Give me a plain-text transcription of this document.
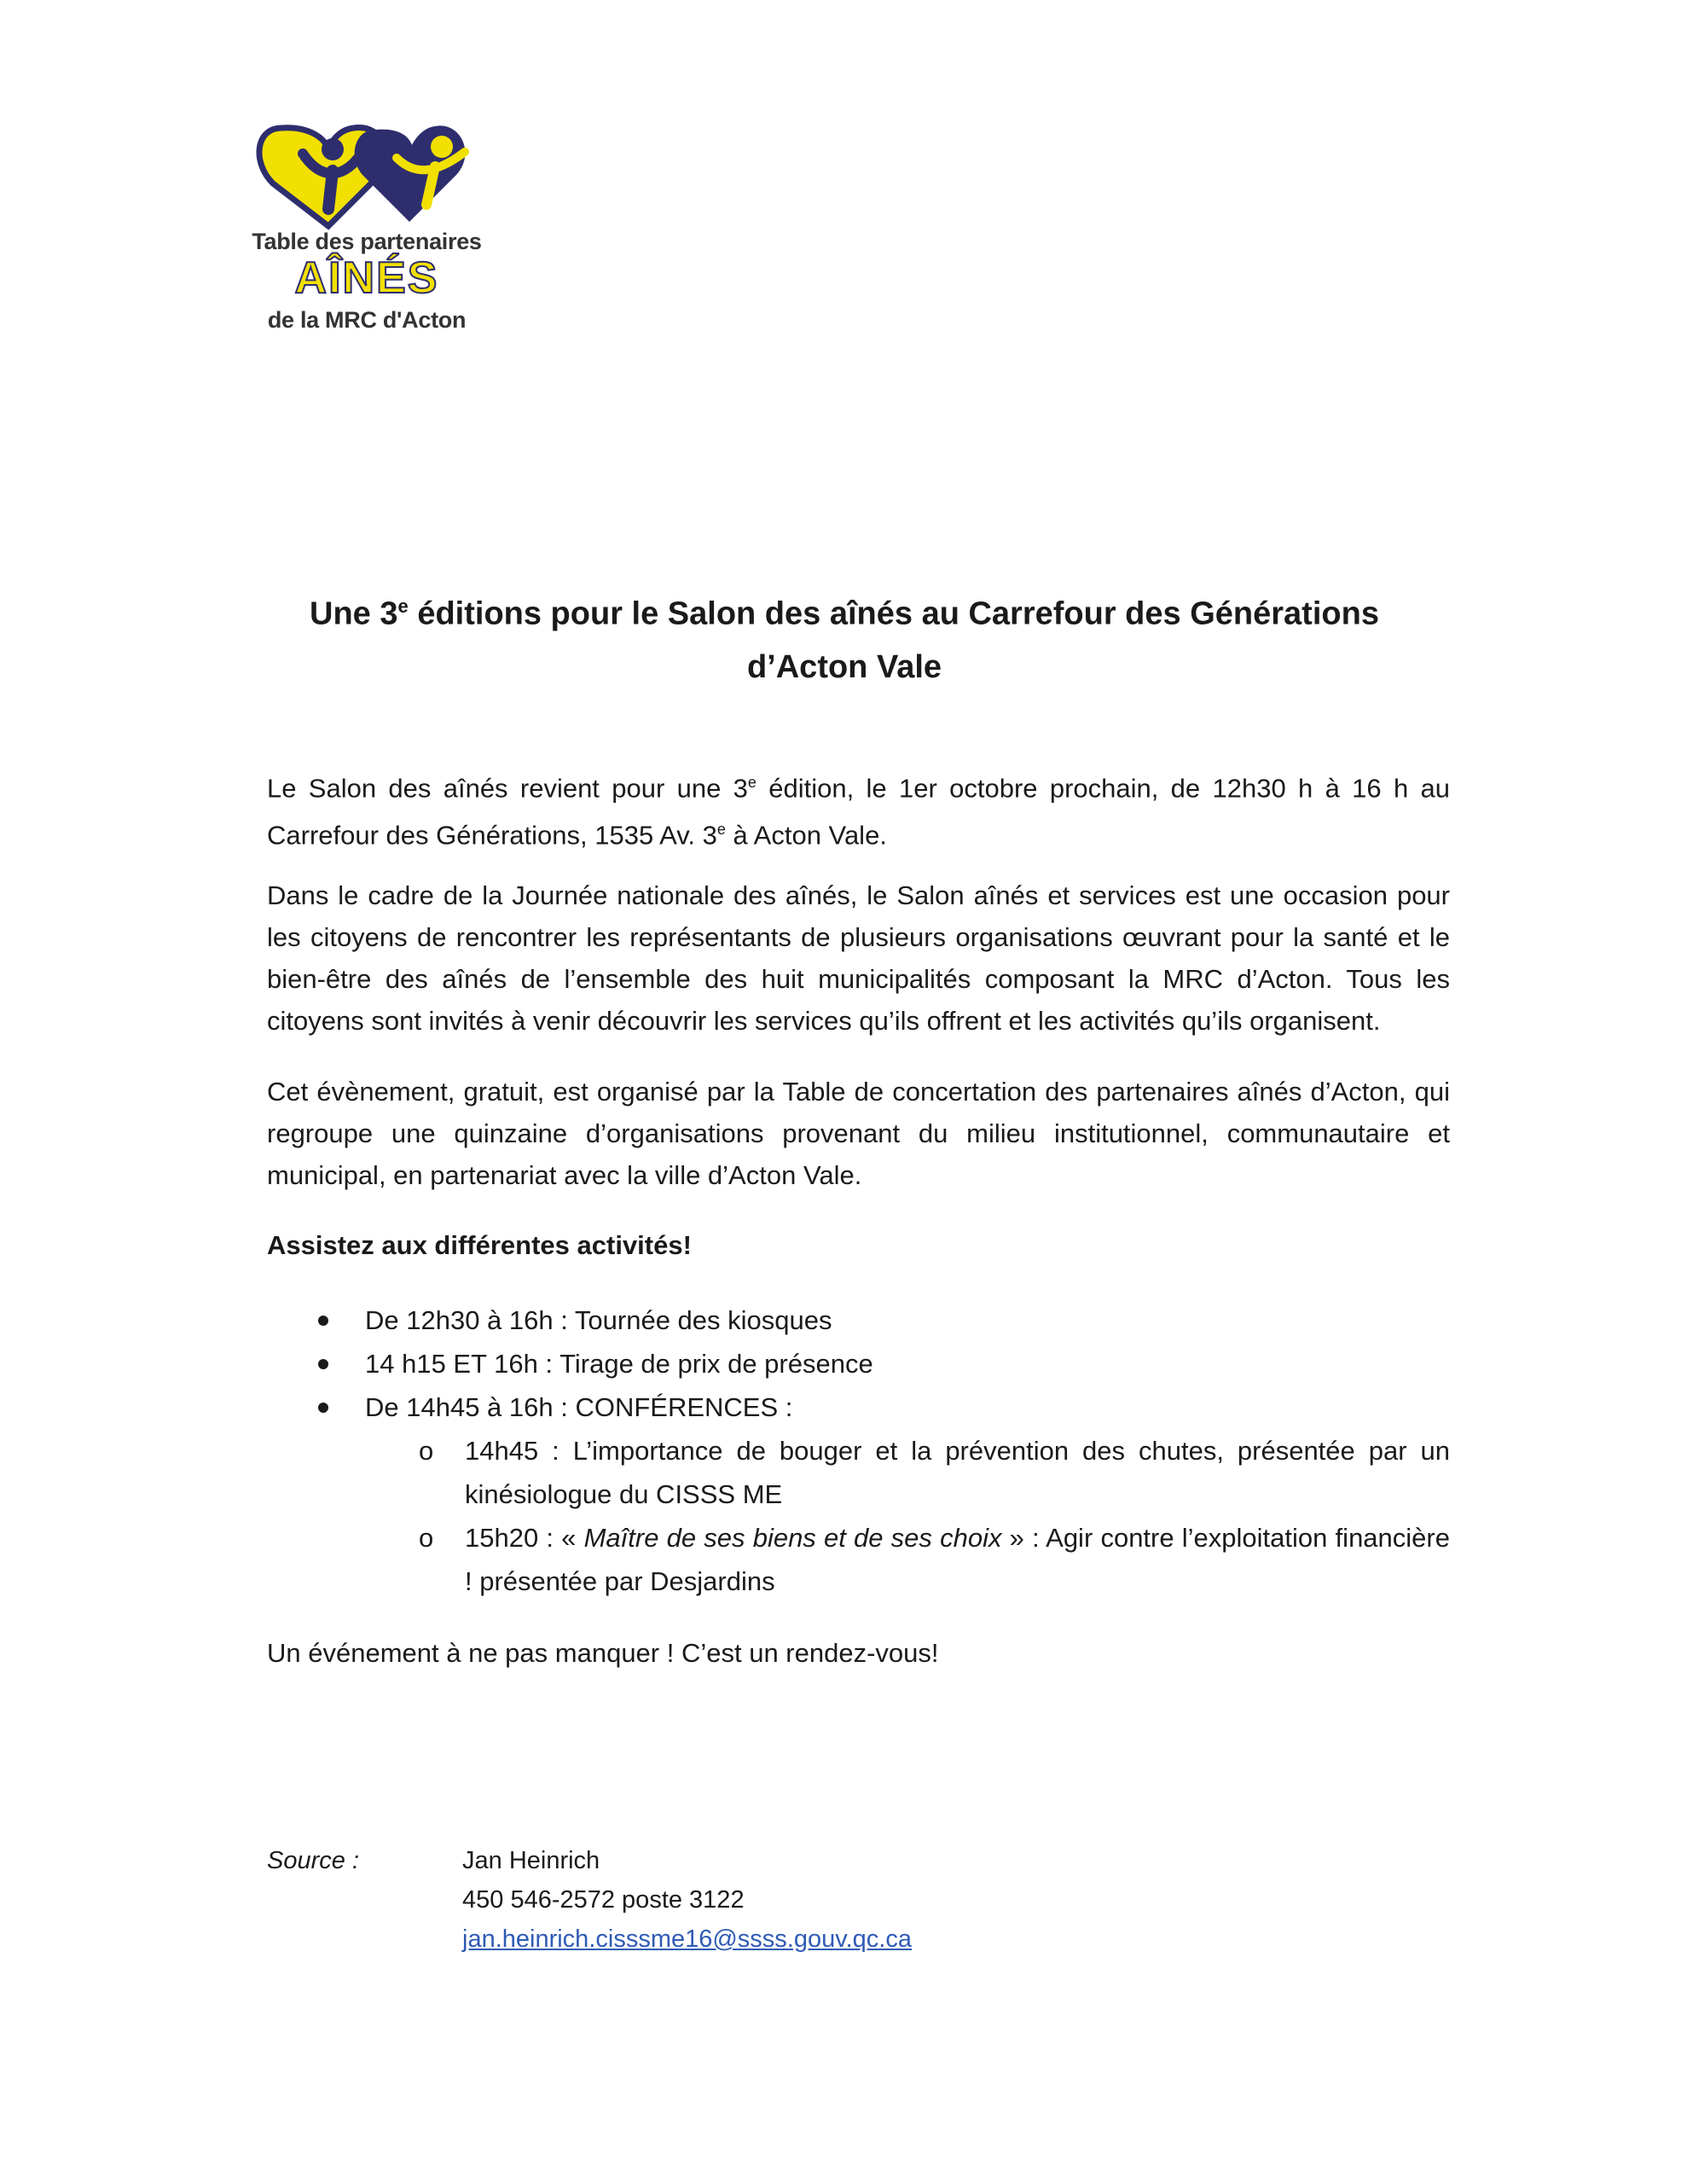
Table des partenaires
AÎNÉS
de la MRC d'Acton
Une 3e éditions pour le Salon des aînés au Carrefour des Générations
d’Acton Vale
Le Salon des aînés revient pour une 3e édition, le 1er octobre prochain, de 12h30 h à 16 h au Carrefour des Générations, 1535 Av. 3e à Acton Vale.
Dans le cadre de la Journée nationale des aînés, le Salon aînés et services est une occasion pour les citoyens de rencontrer les représentants de plusieurs organisations œuvrant pour la santé et le bien-être des aînés de l’ensemble des huit municipalités composant la MRC d’Acton. Tous les citoyens sont invités à venir découvrir les services qu’ils offrent et les activités qu’ils organisent.
Cet évènement, gratuit, est organisé par la Table de concertation des partenaires aînés d’Acton, qui regroupe une quinzaine d’organisations provenant du milieu institutionnel, communautaire et municipal, en partenariat avec la ville d’Acton Vale.
Assistez aux différentes activités!
De 12h30 à 16h : Tournée des kiosques
14 h15 ET 16h : Tirage de prix de présence
De 14h45 à 16h : CONFÉRENCES :
o 14h45 : L’importance de bouger et la prévention des chutes, présentée par un kinésiologue du CISSS ME
o 15h20 : « Maître de ses biens et de ses choix » : Agir contre l’exploitation financière ! présentée par Desjardins
Un événement à ne pas manquer ! C’est un rendez-vous!
Source :	Jan Heinrich
450 546-2572 poste 3122
jan.heinrich.cisssme16@ssss.gouv.qc.ca
